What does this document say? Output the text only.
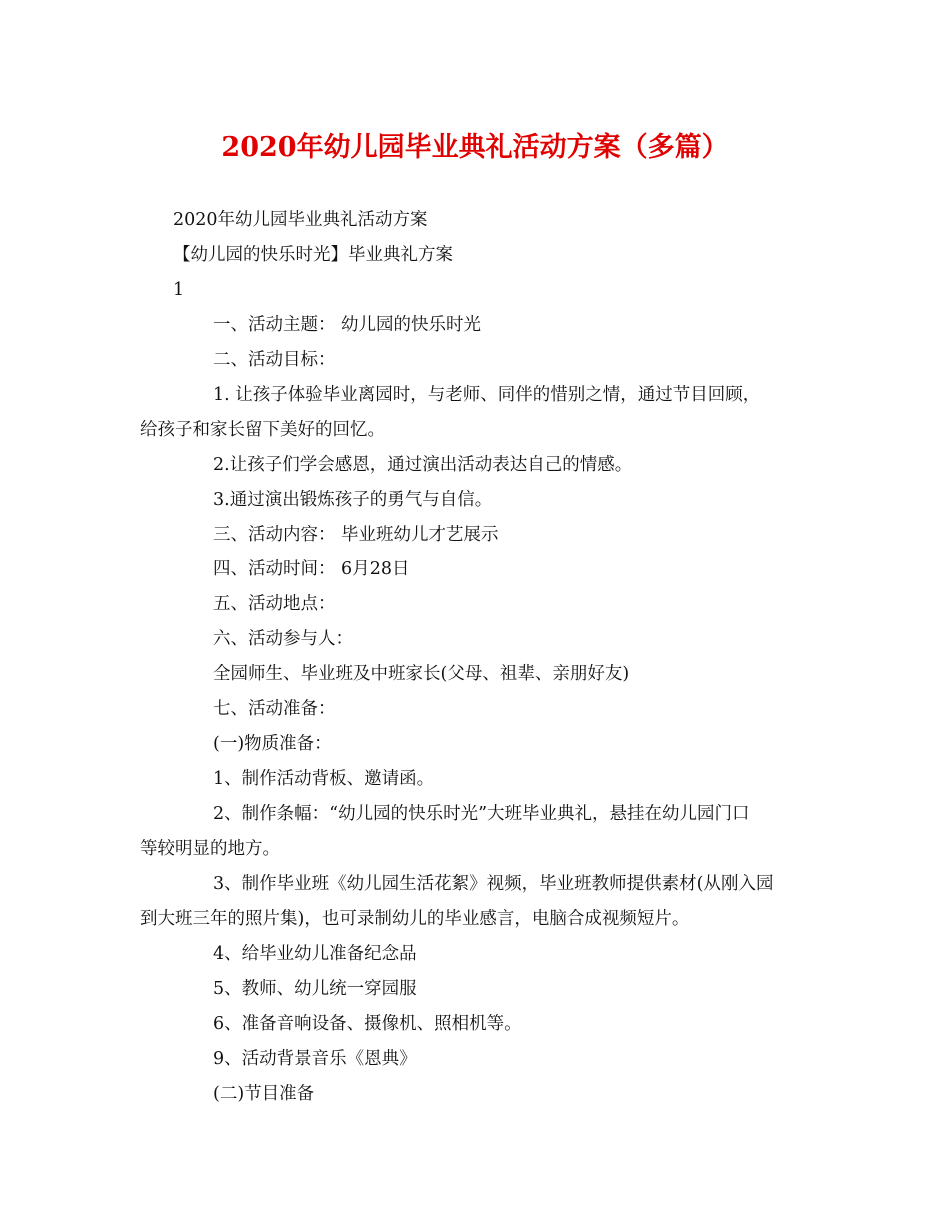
2020年幼儿园毕业典礼活动方案（多篇）
2020年幼儿园毕业典礼活动方案
【幼儿园的快乐时光】毕业典礼方案
1
一、活动主题： 幼儿园的快乐时光
二、活动目标：
1. 让孩子体验毕业离园时，与老师、同伴的惜别之情，通过节目回顾，
给孩子和家长留下美好的回忆。
2.让孩子们学会感恩，通过演出活动表达自己的情感。
3.通过演出锻炼孩子的勇气与自信。
三、活动内容： 毕业班幼儿才艺展示
四、活动时间： 6月28日
五、活动地点：
六、活动参与人：
全园师生、毕业班及中班家长(父母、祖辈、亲朋好友)
七、活动准备：
(一)物质准备：
1、制作活动背板、邀请函。
2、制作条幅：“幼儿园的快乐时光”大班毕业典礼，悬挂在幼儿园门口
等较明显的地方。
3、制作毕业班《幼儿园生活花絮》视频，毕业班教师提供素材(从刚入园
到大班三年的照片集)，也可录制幼儿的毕业感言，电脑合成视频短片。
4、给毕业幼儿准备纪念品
5、教师、幼儿统一穿园服
6、准备音响设备、摄像机、照相机等。
9、活动背景音乐《恩典》
(二)节目准备
